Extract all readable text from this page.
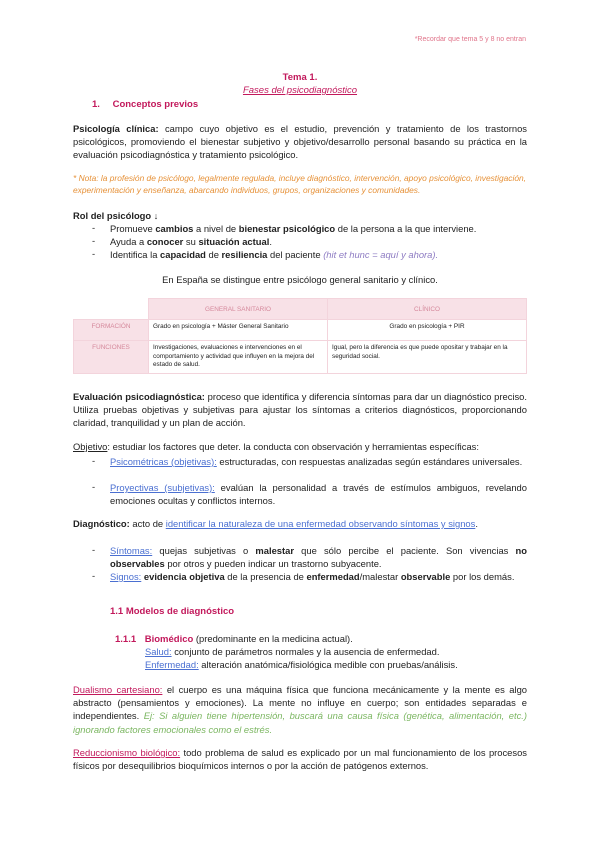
*Recordar que tema 5 y 8 no entran
Tema 1.
Fases del psicodiagnóstico
1. Conceptos previos
Psicología clínica: campo cuyo objetivo es el estudio, prevención y tratamiento de los trastornos psicológicos, promoviendo el bienestar subjetivo y objetivo/desarrollo personal basando su práctica en la evaluación psicodiagnóstica y tratamiento psicológico.
* Nota: la profesión de psicólogo, legalmente regulada, incluye diagnóstico, intervención, apoyo psicológico, investigación, experimentación y enseñanza, abarcando individuos, grupos, organizaciones y comunidades.
Rol del psicólogo ↓
- Promueve cambios a nivel de bienestar psicológico de la persona a la que interviene.
- Ayuda a conocer su situación actual.
- Identifica la capacidad de resiliencia del paciente (hit et hunc = aquí y ahora).
En España se distingue entre psicólogo general sanitario y clínico.
	GENERAL SANITARIO	CLÍNICO
FORMACIÓN	Grado en psicología + Máster General Sanitario	Grado en psicología + PIR
FUNCIONES	Investigaciones, evaluaciones e intervenciones en el comportamiento y actividad que influyen en la mejora del estado de salud.	Igual, pero la diferencia es que puede opositar y trabajar en la seguridad social.
Evaluación psicodiagnóstica: proceso que identifica y diferencia síntomas para dar un diagnóstico preciso. Utiliza pruebas objetivas y subjetivas para ajustar los síntomas a criterios diagnósticos, proporcionando claridad, tranquilidad y un plan de acción.
Objetivo: estudiar los factores que deter. la conducta con observación y herramientas específicas:
- Psicométricas (objetivas): estructuradas, con respuestas analizadas según estándares universales.
- Proyectivas (subjetivas): evalúan la personalidad a través de estímulos ambiguos, revelando emociones ocultas y conflictos internos.
Diagnóstico: acto de identificar la naturaleza de una enfermedad observando síntomas y signos.
- Síntomas: quejas subjetivas o malestar que sólo percibe el paciente. Son vivencias no observables por otros y pueden indicar un trastorno subyacente.
- Signos: evidencia objetiva de la presencia de enfermedad/malestar observable por los demás.
1.1 Modelos de diagnóstico
1.1.1 Biomédico (predominante en la medicina actual).
Salud: conjunto de parámetros normales y la ausencia de enfermedad.
Enfermedad: alteración anatómica/fisiológica medible con pruebas/análisis.
Dualismo cartesiano: el cuerpo es una máquina física que funciona mecánicamente y la mente es algo abstracto (pensamientos y emociones). La mente no influye en cuerpo; son entidades separadas e independientes. Ej: Si alguien tiene hipertensión, buscará una causa física (genética, alimentación, etc.) ignorando factores emocionales como el estrés.
Reduccionismo biológico: todo problema de salud es explicado por un mal funcionamiento de los procesos físicos por desequilibrios bioquímicos internos o por la acción de patógenos externos.
